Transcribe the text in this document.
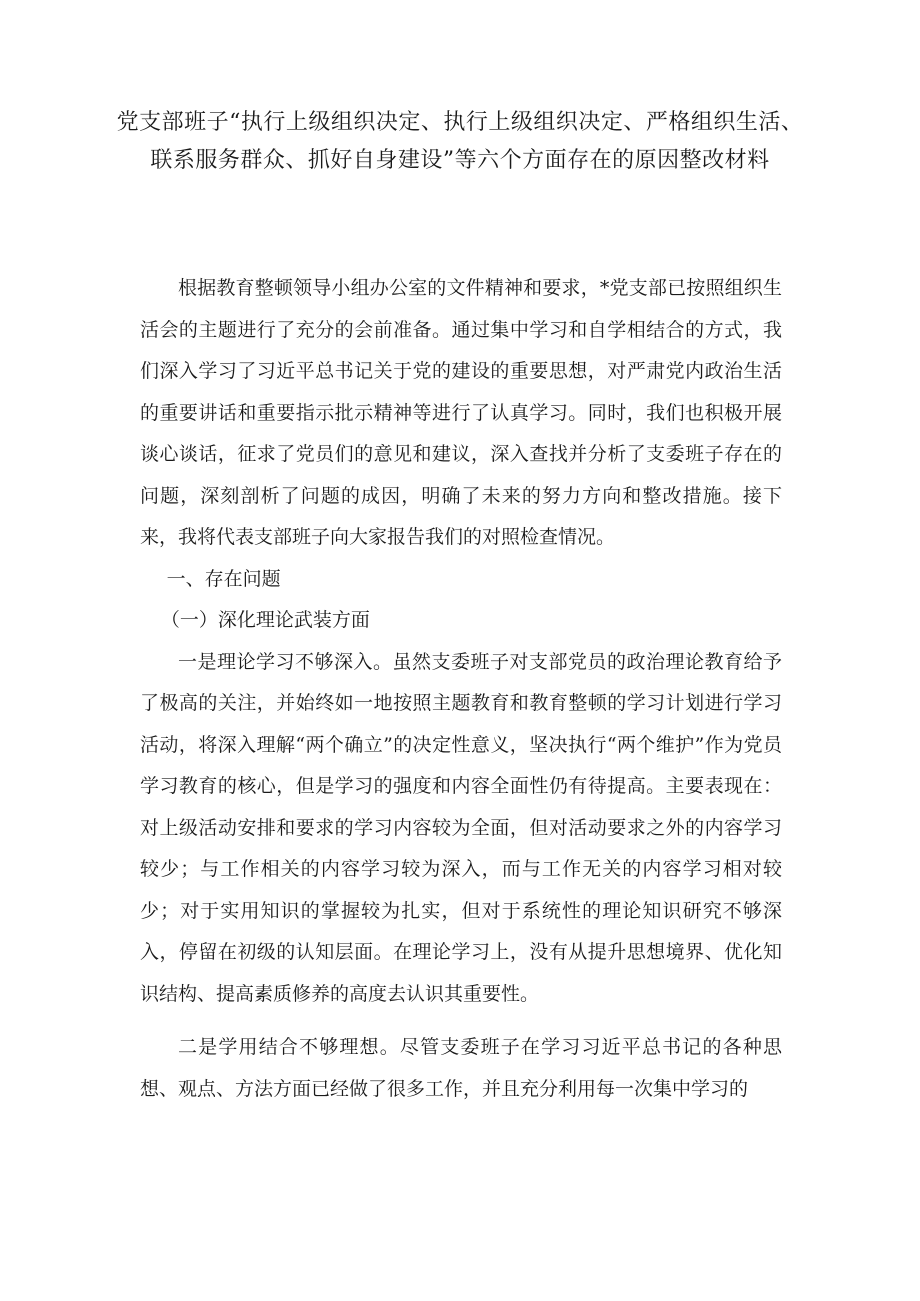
党支部班子“执行上级组织决定、执行上级组织决定、严格组织生活、联系服务群众、抓好自身建设”等六个方面存在的原因整改材料

根据教育整顿领导小组办公室的文件精神和要求，*党支部已按照组织生活会的主题进行了充分的会前准备。通过集中学习和自学相结合的方式，我们深入学习了习近平总书记关于党的建设的重要思想，对严肃党内政治生活的重要讲话和重要指示批示精神等进行了认真学习。同时，我们也积极开展谈心谈话，征求了党员们的意见和建议，深入查找并分析了支委班子存在的问题，深刻剖析了问题的成因，明确了未来的努力方向和整改措施。接下来，我将代表支部班子向大家报告我们的对照检查情况。

一、存在问题

（一）深化理论武装方面

一是理论学习不够深入。虽然支委班子对支部党员的政治理论教育给予了极高的关注，并始终如一地按照主题教育和教育整顿的学习计划进行学习活动，将深入理解“两个确立”的决定性意义，坚决执行“两个维护”作为党员学习教育的核心，但是学习的强度和内容全面性仍有待提高。主要表现在：对上级活动安排和要求的学习内容较为全面，但对活动要求之外的内容学习较少；与工作相关的内容学习较为深入，而与工作无关的内容学习相对较少；对于实用知识的掌握较为扎实，但对于系统性的理论知识研究不够深入，停留在初级的认知层面。在理论学习上，没有从提升思想境界、优化知识结构、提高素质修养的高度去认识其重要性。

二是学用结合不够理想。尽管支委班子在学习习近平总书记的各种思想、观点、方法方面已经做了很多工作，并且充分利用每一次集中学习的
